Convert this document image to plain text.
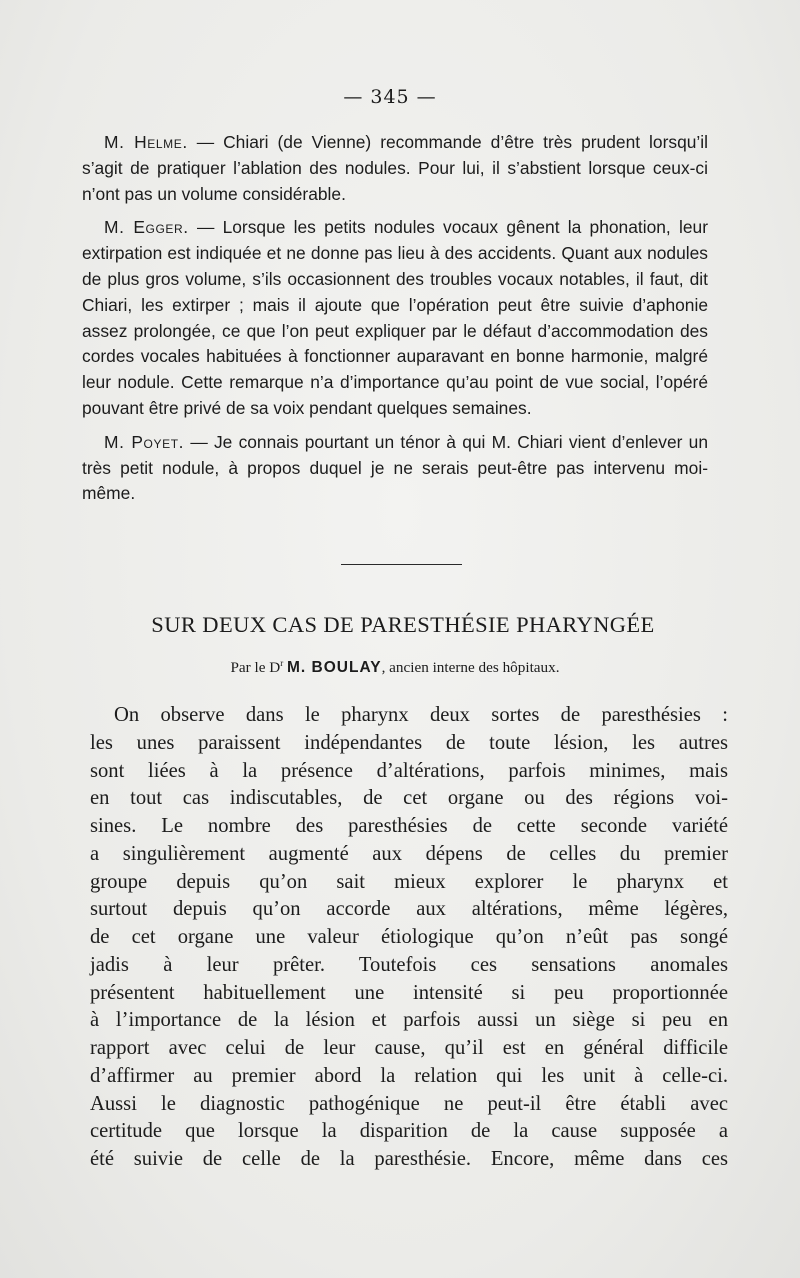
— 345 —

M. Helme. — Chiari (de Vienne) recommande d’être très prudent lorsqu’il s’agit de pratiquer l’ablation des nodules. Pour lui, il s’abstient lorsque ceux-ci n’ont pas un volume considérable.

M. Egger. — Lorsque les petits nodules vocaux gênent la phonation, leur extirpation est indiquée et ne donne pas lieu à des accidents. Quant aux nodules de plus gros volume, s’ils occasionnent des troubles vocaux notables, il faut, dit Chiari, les extirper ; mais il ajoute que l’opération peut être suivie d’aphonie assez prolongée, ce que l’on peut expliquer par le défaut d’accommodation des cordes vocales habituées à fonctionner auparavant en bonne harmonie, malgré leur nodule. Cette remarque n’a d’importance qu’au point de vue social, l’opéré pouvant être privé de sa voix pendant quelques semaines.

M. Poyet. — Je connais pourtant un ténor à qui M. Chiari vient d’enlever un très petit nodule, à propos duquel je ne serais peut-être pas intervenu moi-même.

SUR DEUX CAS DE PARESTHÉSIE PHARYNGÉE
Par le $D^r$ M. BOULAY, ancien interne des hôpitaux.
On observe dans le pharynx deux sortes de paresthésies :
les unes paraissent indépendantes de toute lésion, les autres
sont liées à la présence d’altérations, parfois minimes, mais
en tout cas indiscutables, de cet organe ou des régions voi-
sines. Le nombre des paresthésies de cette seconde variété
a singulièrement augmenté aux dépens de celles du premier
groupe depuis qu’on sait mieux explorer le pharynx et
surtout depuis qu’on accorde aux altérations, même légères,
de cet organe une valeur étiologique qu’on n’eût pas songé
jadis à leur prêter. Toutefois ces sensations anomales
présentent habituellement une intensité si peu proportionnée
à l’importance de la lésion et parfois aussi un siège si peu en
rapport avec celui de leur cause, qu’il est en général difficile
d’affirmer au premier abord la relation qui les unit à celle-ci.
Aussi le diagnostic pathogénique ne peut-il être établi avec
certitude que lorsque la disparition de la cause supposée a
été suivie de celle de la paresthésie. Encore, même dans ces
